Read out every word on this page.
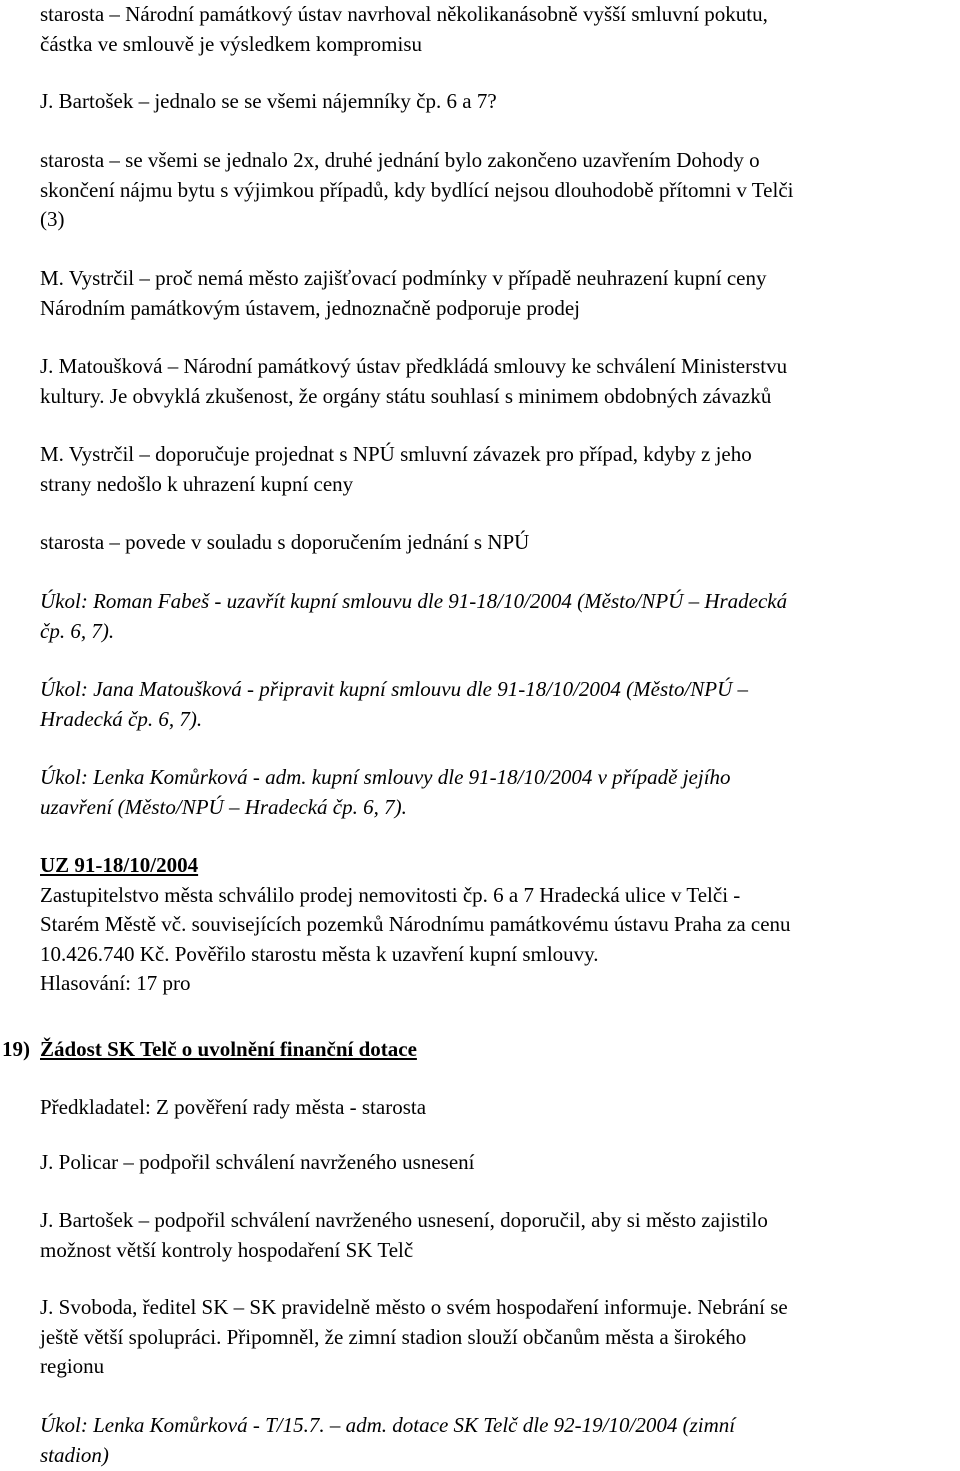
starosta – Národní památkový ústav navrhoval několikanásobně vyšší smluvní pokutu,
částka ve smlouvě je výsledkem kompromisu

J. Bartošek – jednalo se se všemi nájemníky čp. 6 a 7?

starosta – se všemi se jednalo 2x, druhé jednání bylo zakončeno uzavřením Dohody o
skončení nájmu bytu s výjimkou případů, kdy bydlící nejsou dlouhodobě přítomni v Telči
(3)

M. Vystrčil – proč nemá město zajišťovací podmínky v případě neuhrazení kupní ceny
Národním památkovým ústavem, jednoznačně podporuje prodej

J. Matoušková – Národní památkový ústav předkládá smlouvy ke schválení Ministerstvu
kultury. Je obvyklá zkušenost, že orgány státu souhlasí s minimem obdobných závazků

M. Vystrčil – doporučuje projednat s NPÚ smluvní závazek pro případ, kdyby z jeho
strany nedošlo k uhrazení kupní ceny

starosta – povede v souladu s doporučením jednání s NPÚ

Úkol: Roman Fabeš - uzavřít kupní smlouvu dle 91-18/10/2004 (Město/NPÚ – Hradecká
čp. 6, 7).

Úkol: Jana Matoušková - připravit kupní smlouvu dle 91-18/10/2004 (Město/NPÚ –
Hradecká čp. 6, 7).

Úkol: Lenka Komůrková - adm. kupní smlouvy dle 91-18/10/2004 v případě jejího
uzavření (Město/NPÚ – Hradecká čp. 6, 7).

UZ 91-18/10/2004
Zastupitelstvo města schválilo prodej nemovitosti čp. 6 a 7 Hradecká ulice v Telči -
Starém Městě vč. souvisejících pozemků Národnímu památkovému ústavu Praha za cenu
10.426.740 Kč. Pověřilo starostu města k uzavření kupní smlouvy.
Hlasování: 17 pro

19) Žádost SK Telč o uvolnění finanční dotace

Předkladatel: Z pověření rady města - starosta

J. Policar – podpořil schválení navrženého usnesení

J. Bartošek – podpořil schválení navrženého usnesení, doporučil, aby si město zajistilo
možnost větší kontroly hospodaření SK Telč

J. Svoboda, ředitel SK – SK pravidelně město o svém hospodaření informuje. Nebrání se
ještě větší spolupráci. Připomněl, že zimní stadion slouží občanům města a širokého
regionu

Úkol: Lenka Komůrková - T/15.7. – adm. dotace SK Telč dle 92-19/10/2004 (zimní
stadion)
